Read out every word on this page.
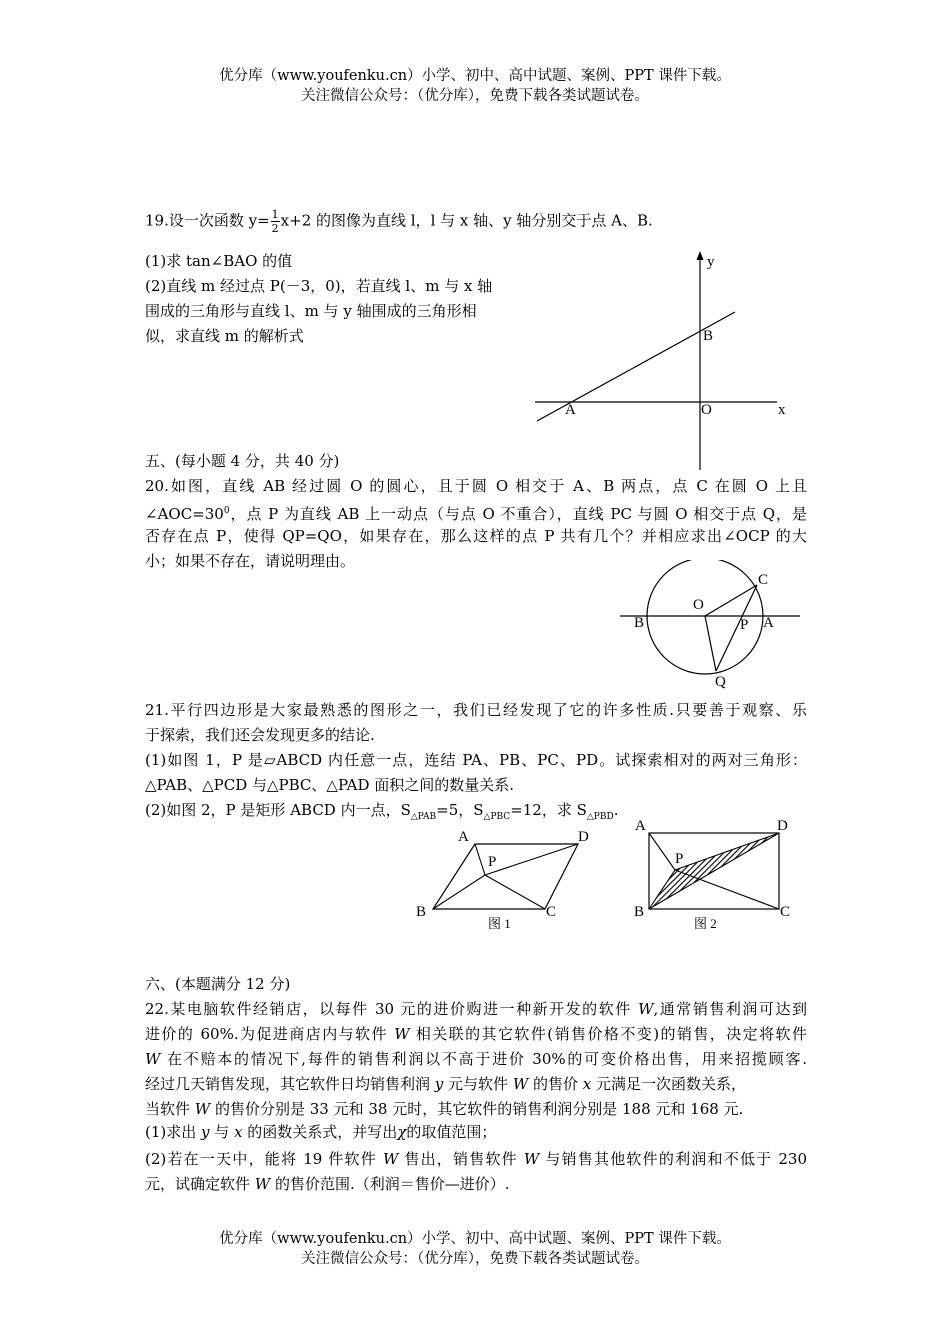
优分库（www.youfenku.cn）小学、初中、高中试题、案例、PPT 课件下载。
关注微信公众号：（优分库），免费下载各类试题试卷。
19.设一次函数 $y= \frac{1}{2} x+2$ 的图像为直线 l，l 与 x 轴、y 轴分别交于点 A、B.
(1)求 tan∠BAO 的值
(2)直线 m 经过点 P(－3，0)，若直线 l、m 与 x 轴
围成的三角形与直线 l、m 与 y 轴围成的三角形相
似，求直线 m 的解析式
y
B
A	O	x
五、(每小题 4 分，共 40 分)
20.如图，直线 AB 经过圆 O 的圆心，且于圆 O 相交于 A、B 两点，点 C 在圆 O 上且
$\angle AOC=30^0$，点 P 为直线 AB 上一动点（与点 O 不重合），直线 PC 与圆 O 相交于点 Q，是
否存在点 P，使得 QP=QO，如果存在，那么这样的点 P 共有几个？并相应求出∠OCP 的大
小；如果不存在，请说明理由。
C
O
B	P A
Q
21.平行四边形是大家最熟悉的图形之一，我们已经发现了它的许多性质.只要善于观察、乐
于探索，我们还会发现更多的结论.
(1)如图 1，P 是▱ABCD 内任意一点，连结 PA、PB、PC、PD。试探索相对的两对三角形：
△PAB、△PCD 与△PBC、△PAD 面积之间的数量关系.
(2)如图 2，P 是矩形 ABCD 内一点，$S_{\triangle PAB}=5$，$S_{\triangle PBC}=12$，求 $S_{\triangle PBD}$.
A	D
P
B	C
图 1
A	D
P
B	C
图 2
六、(本题满分 12 分)
22.某电脑软件经销店，以每件 30 元的进价购进一种新开发的软件 W,通常销售利润可达到
进价的 60%.为促进商店内与软件 W 相关联的其它软件(销售价格不变)的销售，决定将软件
W 在不赔本的情况下,每件的销售利润以不高于进价 30%的可变价格出售，用来招揽顾客.
经过几天销售发现，其它软件日均销售利润 y 元与软件 W 的售价 x 元满足一次函数关系，
当软件 W 的售价分别是 33 元和 38 元时，其它软件的销售利润分别是 188 元和 168 元.
(1)求出 y 与 x 的函数关系式，并写出χ的取值范围；
(2)若在一天中，能将 19 件软件 W 售出，销售软件 W 与销售其他软件的利润和不低于 230
元，试确定软件 W 的售价范围.（利润＝售价—进价）.
优分库（www.youfenku.cn）小学、初中、高中试题、案例、PPT 课件下载。
关注微信公众号：（优分库），免费下载各类试题试卷。
